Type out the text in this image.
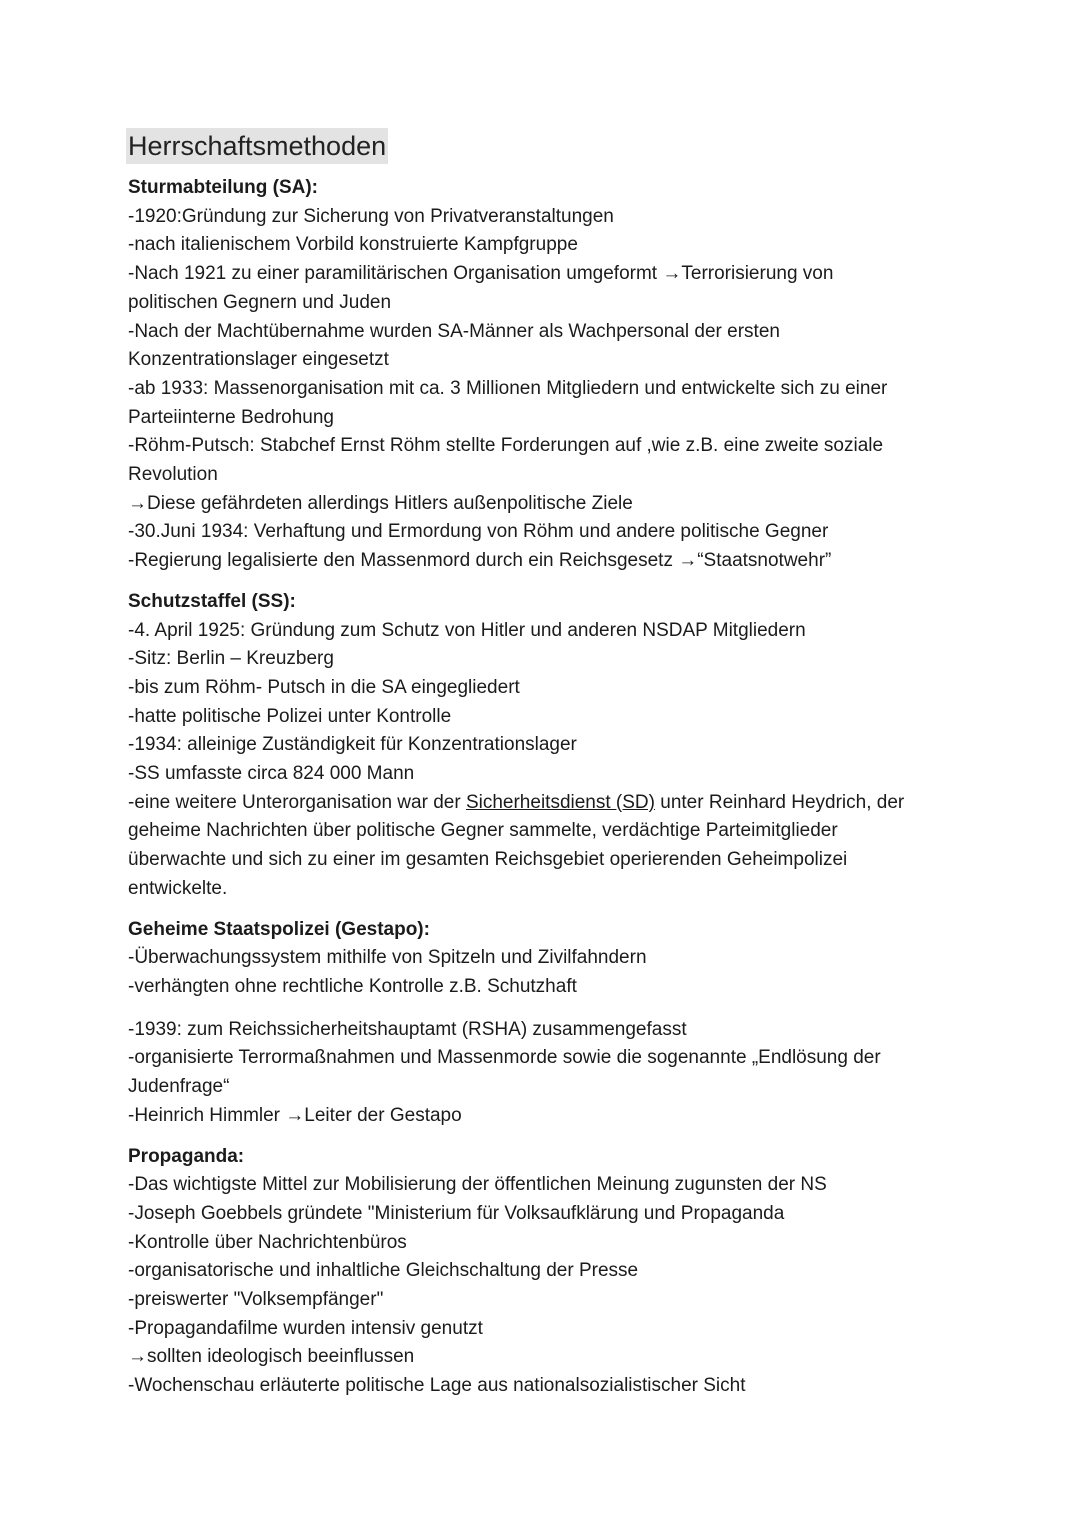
Herrschaftsmethoden

Sturmabteilung (SA):

-1920:Gründung zur Sicherung von Privatveranstaltungen

-nach italienischem Vorbild konstruierte Kampfgruppe

-Nach 1921 zu einer paramilitärischen Organisation umgeformt →Terrorisierung von

politischen Gegnern und Juden

-Nach der Machtübernahme wurden SA-Männer als Wachpersonal der ersten

Konzentrationslager eingesetzt

-ab 1933: Massenorganisation mit ca. 3 Millionen Mitgliedern und entwickelte sich zu einer

Parteiinterne Bedrohung

-Röhm-Putsch: Stabchef Ernst Röhm stellte Forderungen auf ,wie z.B. eine zweite soziale

Revolution

→Diese gefährdeten allerdings Hitlers außenpolitische Ziele

-30.Juni 1934: Verhaftung und Ermordung von Röhm und andere politische Gegner

-Regierung legalisierte den Massenmord durch ein Reichsgesetz →“Staatsnotwehr”

Schutzstaffel (SS):

-4. April 1925: Gründung zum Schutz von Hitler und anderen NSDAP Mitgliedern

-Sitz: Berlin – Kreuzberg

-bis zum Röhm- Putsch in die SA eingegliedert

-hatte politische Polizei unter Kontrolle

-1934: alleinige Zuständigkeit für Konzentrationslager

-SS umfasste circa 824 000 Mann

-eine weitere Unterorganisation war der Sicherheitsdienst (SD) unter Reinhard Heydrich, der

geheime Nachrichten über politische Gegner sammelte, verdächtige Parteimitglieder

überwachte und sich zu einer im gesamten Reichsgebiet operierenden Geheimpolizei

entwickelte.

Geheime Staatspolizei (Gestapo):

-Überwachungssystem mithilfe von Spitzeln und Zivilfahndern

-verhängten ohne rechtliche Kontrolle z.B. Schutzhaft

-1939: zum Reichssicherheitshauptamt (RSHA) zusammengefasst

-organisierte Terrormaßnahmen und Massenmorde sowie die sogenannte „Endlösung der

Judenfrage“

-Heinrich Himmler →Leiter der Gestapo

Propaganda:

-Das wichtigste Mittel zur Mobilisierung der öffentlichen Meinung zugunsten der NS

-Joseph Goebbels gründete "Ministerium für Volksaufklärung und Propaganda

-Kontrolle über Nachrichtenbüros

-organisatorische und inhaltliche Gleichschaltung der Presse

-preiswerter "Volksempfänger"

-Propagandafilme wurden intensiv genutzt

→sollten ideologisch beeinflussen

-Wochenschau erläuterte politische Lage aus nationalsozialistischer Sicht
